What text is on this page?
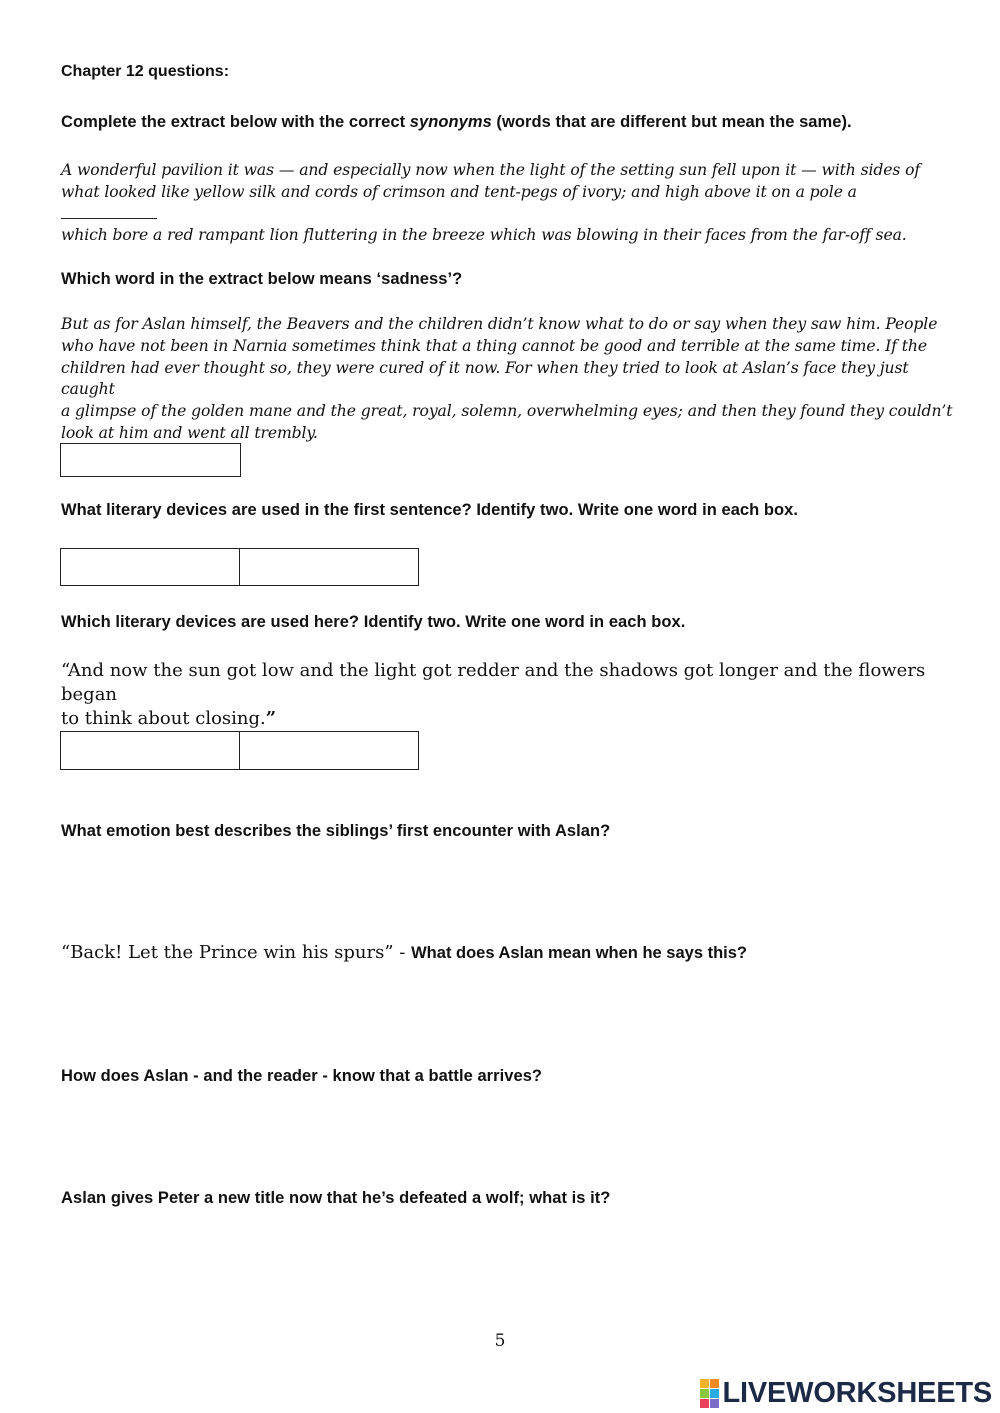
Chapter 12 questions:
Complete the extract below with the correct synonyms (words that are different but mean the same).
A wonderful pavilion it was — and especially now when the light of the setting sun fell upon it — with sides of
what looked like yellow silk and cords of crimson and tent-pegs of ivory; and high above it on a pole a
which bore a red rampant lion fluttering in the breeze which was blowing in their faces from the far-off sea.
Which word in the extract below means ‘sadness’?
But as for Aslan himself, the Beavers and the children didn’t know what to do or say when they saw him. People
who have not been in Narnia sometimes think that a thing cannot be good and terrible at the same time. If the
children had ever thought so, they were cured of it now. For when they tried to look at Aslan’s face they just caught
a glimpse of the golden mane and the great, royal, solemn, overwhelming eyes; and then they found they couldn’t
look at him and went all trembly.
What literary devices are used in the first sentence? Identify two. Write one word in each box.
Which literary devices are used here? Identify two. Write one word in each box.
“And now the sun got low and the light got redder and the shadows got longer and the flowers began
to think about closing.”
What emotion best describes the siblings’ first encounter with Aslan?
“Back! Let the Prince win his spurs” - What does Aslan mean when he says this?
How does Aslan - and the reader - know that a battle arrives?
Aslan gives Peter a new title now that he’s defeated a wolf; what is it?
5
LIVEWORKSHEETS
